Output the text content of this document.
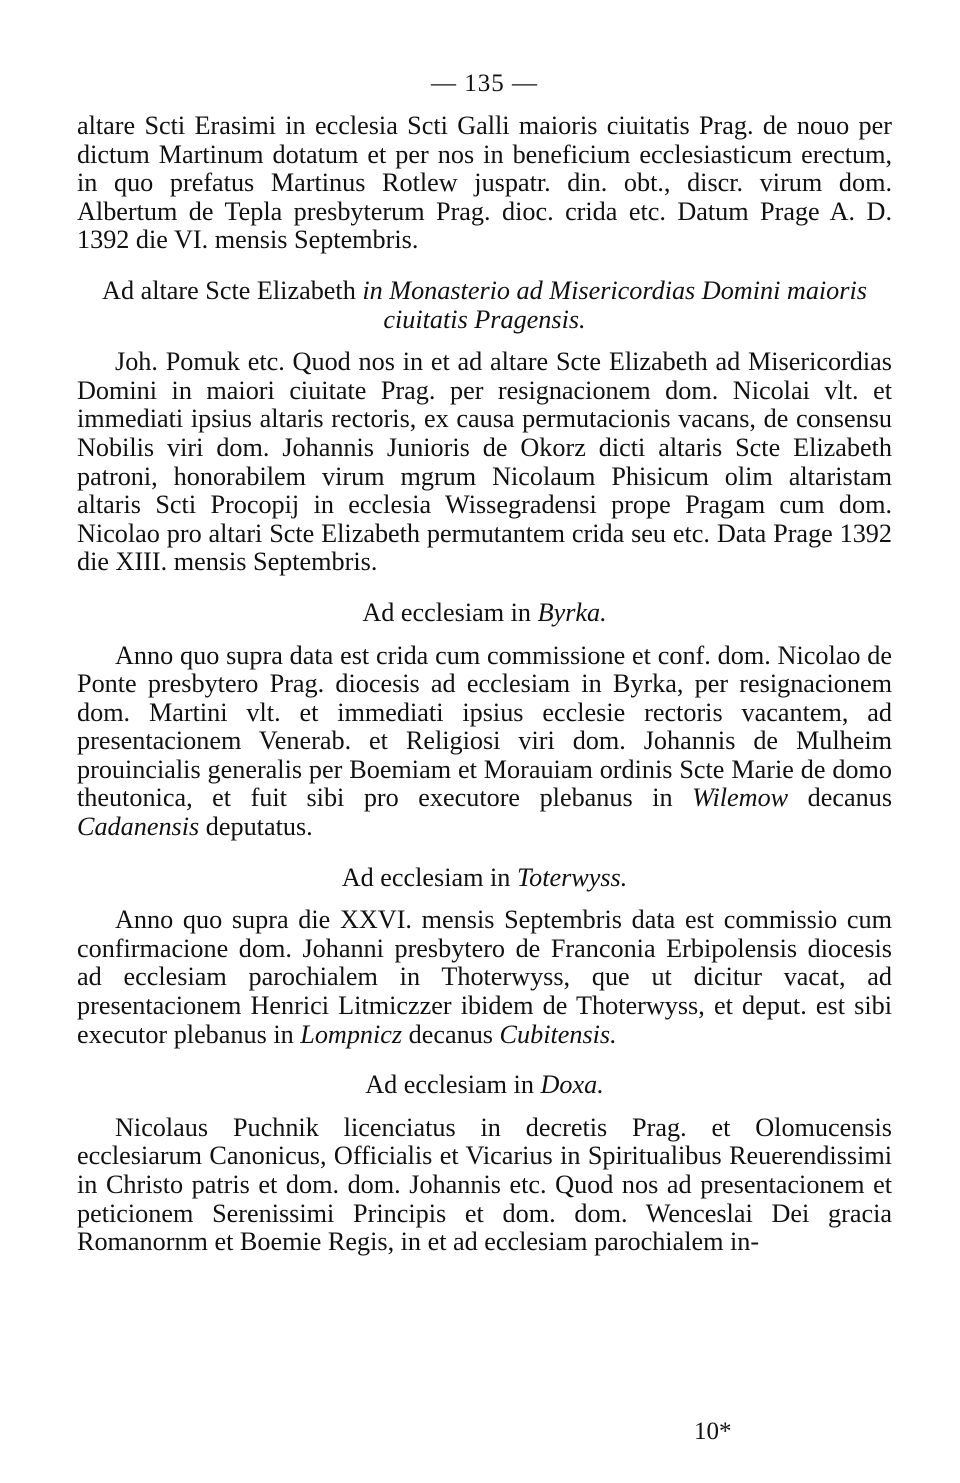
— 135 —

altare Scti Erasimi in ecclesia Scti Galli maioris ciuitatis Prag. de nouo per dictum Martinum dotatum et per nos in beneficium ecclesiasticum erectum, in quo prefatus Martinus Rotlew juspatr. din. obt., discr. virum dom. Albertum de Tepla presbyterum Prag. dioc. crida etc. Datum Prage A. D. 1392 die VI. mensis Septembris.

Ad altare Scte Elizabeth in Monasterio ad Misericordias Domini maioris ciuitatis Pragensis.

Joh. Pomuk etc. Quod nos in et ad altare Scte Elizabeth ad Misericordias Domini in maiori ciuitate Prag. per resignacionem dom. Nicolai vlt. et immediati ipsius altaris rectoris, ex causa permutacionis vacans, de consensu Nobilis viri dom. Johannis Junioris de Okorz dicti altaris Scte Elizabeth patroni, honorabilem virum mgrum Nicolaum Phisicum olim altaristam altaris Scti Procopij in ecclesia Wissegradensi prope Pragam cum dom. Nicolao pro altari Scte Elizabeth permutantem crida seu etc. Data Prage 1392 die XIII. mensis Septembris.

Ad ecclesiam in Byrka.

Anno quo supra data est crida cum commissione et conf. dom. Nicolao de Ponte presbytero Prag. diocesis ad ecclesiam in Byrka, per resignacionem dom. Martini vlt. et immediati ipsius ecclesie rectoris vacantem, ad presentacionem Venerab. et Religiosi viri dom. Johannis de Mulheim prouincialis generalis per Boemiam et Morauiam ordinis Scte Marie de domo theutonica, et fuit sibi pro executore plebanus in Wilemow decanus Cadanensis deputatus.

Ad ecclesiam in Toterwyss.

Anno quo supra die XXVI. mensis Septembris data est commissio cum confirmacione dom. Johanni presbytero de Franconia Erbipolensis diocesis ad ecclesiam parochialem in Thoterwyss, que ut dicitur vacat, ad presentacionem Henrici Litmiczzer ibidem de Thoterwyss, et deput. est sibi executor plebanus in Lompnicz decanus Cubitensis.

Ad ecclesiam in Doxa.

Nicolaus Puchnik licenciatus in decretis Prag. et Olomucensis ecclesiarum Canonicus, Officialis et Vicarius in Spiritualibus Reuerendissimi in Christo patris et dom. dom. Johannis etc. Quod nos ad presentacionem et peticionem Serenissimi Principis et dom. dom. Wenceslai Dei gracia Romanornm et Boemie Regis, in et ad ecclesiam parochialem in-

10*
